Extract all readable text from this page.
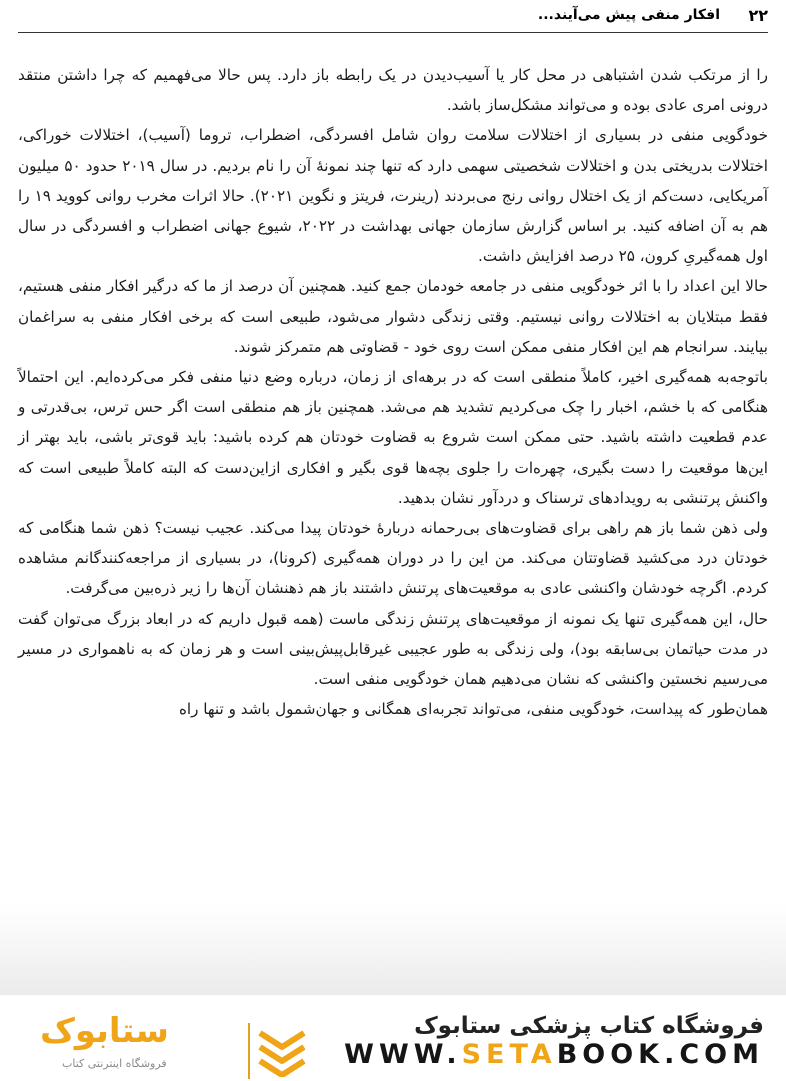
۲۲
افکار منفی پیش می‌آیند...

را از مرتکب شدن اشتباهی در محل کار یا آسیب‌دیدن در یک رابطه باز دارد. پس حالا می‌فهمیم که چرا داشتن منتقد درونی امری عادی بوده و می‌تواند مشکل‌ساز باشد.

خودگویی منفی در بسیاری از اختلالات سلامت روان شامل افسردگی، اضطراب، تروما (آسیب)، اختلالات خوراکی، اختلالات بدریختی بدن و اختلالات شخصیتی سهمی دارد که تنها چند نمونهٔ آن را نام بردیم. در سال ۲۰۱۹ حدود ۵۰ میلیون آمریکایی، دست‌کم از یک اختلال روانی رنج می‌بردند (رینرت، فریتز و نگوین ۲۰۲۱). حالا اثرات مخرب روانی کووید ۱۹ را هم به آن اضافه کنید. بر اساس گزارش سازمان جهانی بهداشت در ۲۰۲۲، شیوع جهانی اضطراب و افسردگی در سال اول همه‌گیریِ کرون، ۲۵ درصد افزایش داشت.

حالا این اعداد را با اثر خودگویی منفی در جامعه خودمان جمع کنید. همچنین آن درصد از ما که درگیر افکار منفی هستیم، فقط مبتلایان به اختلالات روانی نیستیم. وقتی زندگی دشوار می‌شود، طبیعی است که برخی افکار منفی به سراغمان بیایند. سرانجام هم این افکار منفی ممکن است روی خود - قضاوتی هم متمرکز شوند.

باتوجه‌به همه‌گیری اخیر، کاملاً منطقی است که در برهه‌ای از زمان، درباره وضع دنیا منفی فکر می‌کرده‌ایم. این احتمالاً هنگامی که با خشم، اخبار را چک می‌کردیم تشدید هم می‌شد. همچنین باز هم منطقی است اگر حس ترس، بی‌قدرتی و عدم قطعیت داشته باشید. حتی ممکن است شروع به قضاوت خودتان هم کرده باشید: باید قوی‌تر باشی، باید بهتر از این‌ها موقعیت را دست بگیری، چهره‌ات را جلوی بچه‌ها قوی بگیر و افکاری ازاین‌دست که البته کاملاً طبیعی است که واکنش پرتنشی به رویدادهای ترسناک و دردآور نشان بدهید.

ولی ذهن شما باز هم راهی برای قضاوت‌های بی‌رحمانه دربارهٔ خودتان پیدا می‌کند. عجیب نیست؟ ذهن شما هنگامی که خودتان درد می‌کشید قضاوتتان می‌کند. من این را در دوران همه‌گیری (کرونا)، در بسیاری از مراجعه‌کنندگانم مشاهده کردم. اگرچه خودشان واکنشی عادی به موقعیت‌های پرتنش داشتند باز هم ذهنشان آن‌ها را زیر ذره‌بین می‌گرفت.

حال، این همه‌گیری تنها یک نمونه از موقعیت‌های پرتنش زندگی ماست (همه قبول داریم که در ابعاد بزرگ می‌توان گفت در مدت حیاتمان بی‌سابقه بود)، ولی زندگی به طور عجیبی غیرقابل‌پیش‌بینی است و هر زمان که به ناهمواری در مسیر می‌رسیم نخستین واکنشی که نشان می‌دهیم همان خودگویی منفی است.

همان‌طور که پیداست، خودگویی منفی، می‌تواند تجربه‌ای همگانی و جهان‌شمول باشد و تنها راه

ستابوک
فروشگاه اینترنتی کتاب
فروشگاه کتاب پزشکی ستابوک
WWW.SETABOOK.COM
